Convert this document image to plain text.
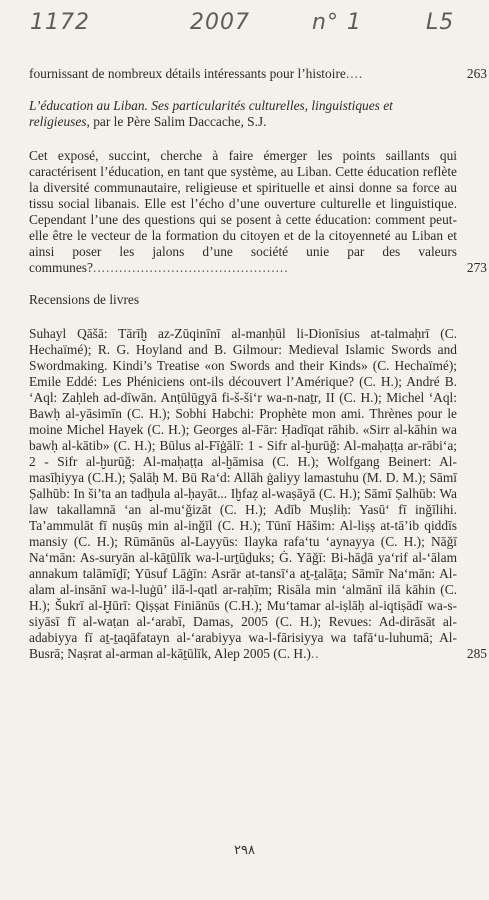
1172	2007	n° 1	L5
fournissant de nombreux détails intéressants pour l’histoire....	263

L’éducation au Liban. Ses particularités culturelles, linguistiques et religieuses, par le Père Salim Daccache, S.J.

Cet exposé, succint, cherche à faire émerger les points saillants qui caractérisent l’éducation, en tant que système, au Liban. Cette éducation reflète la diversité communautaire, religieuse et spirituelle et ainsi donne sa force au tissu social libanais. Elle est l’écho d’une ouverture culturelle et linguistique. Cependant l’une des questions qui se posent à cette éducation: comment peut-elle être le vecteur de la formation du citoyen et de la citoyenneté au Liban et ainsi poser les jalons d’une société unie par des valeurs communes?.............................................	273

Recensions de livres

Suhayl Qāšā: Tārīḫ az-Zūqinīnī al-manḥūl li-Dionīsius at-talmaḥrī (C. Hechaïmé); R. G. Hoyland and B. Gilmour: Medieval Islamic Swords and Swordmaking. Kindi’s Treatise «on Swords and their Kinds» (C. Hechaïmé); Emile Eddé: Les Phéniciens ont-ils découvert l’Amérique? (C. H.); André B. ‘Aql: Zaḥleh ad-dīwān. Anṭūlūgyā fi-š-ši‘r wa-n-naṯr, II (C. H.); Michel ‘Aql: Bawḥ al-yāsimīn (C. H.); Sobhi Habchi: Prophète mon ami. Thrènes pour le moine Michel Hayek (C. H.); Georges al-Fār: Ḥadīqat rāhib. «Sirr al-kāhin wa bawḥ al-kātib» (C. H.); Būlus al-Fīġālī: 1 - Sifr al-ḫurūǧ: Al-maḥaṭṭa ar-rābi‘a; 2 - Sifr al-ḫurūǧ: Al-maḥaṭṭa al-ḫāmisa (C. H.); Wolfgang Beinert: Al-masīḥiyya (C.H.); Ṣalāḥ M. Bū Ra‘d: Allāh ġaliyy lamastuhu (M. D. M.); Sāmī Ṣalhūb: In ši’ta an tadḫula al-ḥayāt... Iḫfaẓ al-waṣāyā (C. H.); Sāmī Ṣalhūb: Wa law takallamnā ‘an al-mu‘ǧizāt (C. H.); Adīb Muṣliḥ: Yasū‘ fī inǧīlihi. Ta’ammulāt fī nuṣūṣ min al-inǧīl (C. H.); Tūnī Hāšim: Al-liṣṣ at-tā’ib qiddīs mansiy (C. H.); Rūmānūs al-Layyūs: Ilayka rafa‘tu ‘aynayya (C. H.); Nāǧī Na‘mān: As-suryān al-kāṯūlīk wa-l-urṯūḏuks; Ġ. Yāǧī: Bi-hāḏā ya‘rif al-‘ālam annakum talāmīḏī; Yūsuf Lāġīn: Asrār at-tansī‘a aṯ-ṯalāṯa; Sāmīr Na‘mān: Al-alam al-insānī wa-l-luġū’ ilā-l-qatl ar-raḥīm; Risāla min ‘almānī ilā kāhin (C. H.); Šukrī al-Ḫūrī: Qiṣṣat Finiānūs (C.H.); Mu‘tamar al-iṣlāḥ al-iqtiṣādī wa-s-siyāsī fī al-waṭan al-‘arabī, Damas, 2005 (C. H.); Revues: Ad-dirāsāt al-adabiyya fī aṯ-ṯaqāfatayn al-‘arabiyya wa-l-fārisiyya wa tafā‘u-luhumā; Al-Busrā; Naṣrat al-arman al-kāṯūlīk, Alep 2005 (C. H.)..	285
٢٩٨
